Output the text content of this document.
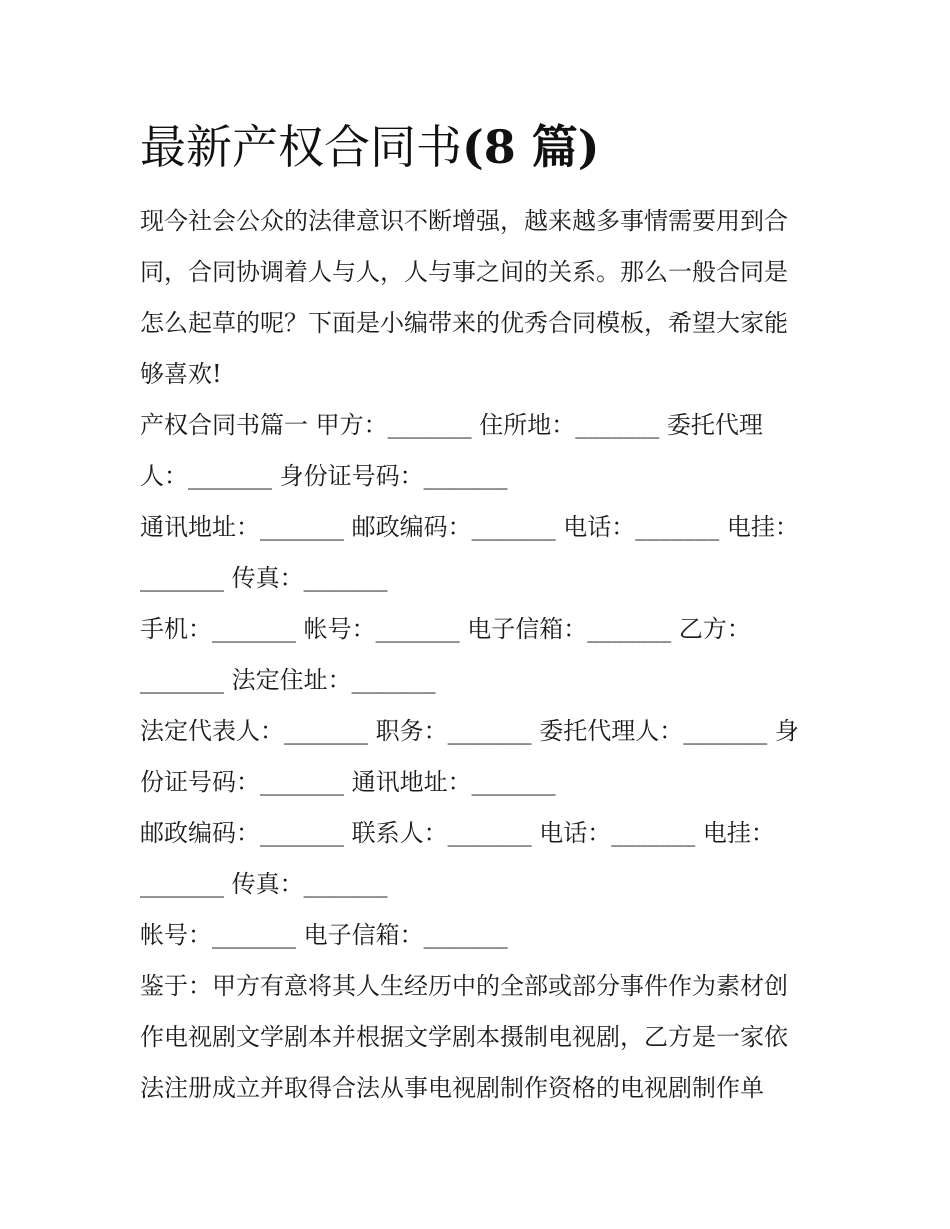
最新产权合同书(8 篇)
现今社会公众的法律意识不断增强，越来越多事情需要用到合
同，合同协调着人与人，人与事之间的关系。那么一般合同是
怎么起草的呢？下面是小编带来的优秀合同模板，希望大家能
够喜欢!
产权合同书篇一 甲方：_______ 住所地：_______ 委托代理
人：_______ 身份证号码：_______
通讯地址：_______ 邮政编码：_______ 电话：_______ 电挂：
_______ 传真：_______
手机：_______ 帐号：_______ 电子信箱：_______ 乙方：
_______ 法定住址：_______
法定代表人：_______ 职务：_______ 委托代理人：_______ 身
份证号码：_______ 通讯地址：_______
邮政编码：_______ 联系人：_______ 电话：_______ 电挂：
_______ 传真：_______
帐号：_______ 电子信箱：_______
鉴于：甲方有意将其人生经历中的全部或部分事件作为素材创
作电视剧文学剧本并根据文学剧本摄制电视剧，乙方是一家依
法注册成立并取得合法从事电视剧制作资格的电视剧制作单
